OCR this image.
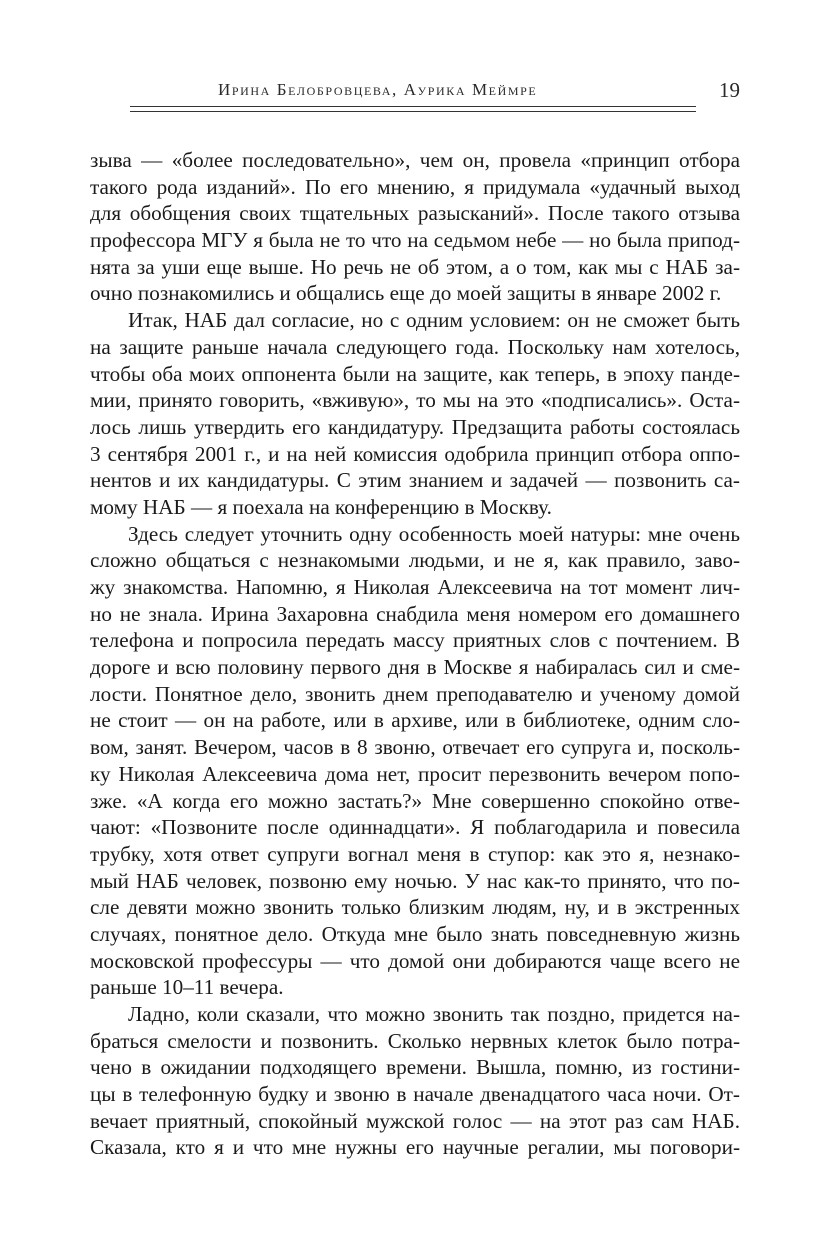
Ирина Белобровцева, Аурика Меймре	19
зыва — «более последовательно», чем он, провела «принцип отбора
такого рода изданий». По его мнению, я придумала «удачный выход
для обобщения своих тщательных разысканий». После такого отзыва
профессора МГУ я была не то что на седьмом небе — но была припод-
нята за уши еще выше. Но речь не об этом, а о том, как мы с НАБ за-
очно познакомились и общались еще до моей защиты в январе 2002 г.
Итак, НАБ дал согласие, но с одним условием: он не сможет быть
на защите раньше начала следующего года. Поскольку нам хотелось,
чтобы оба моих оппонента были на защите, как теперь, в эпоху панде-
мии, принято говорить, «вживую», то мы на это «подписались». Оста-
лось лишь утвердить его кандидатуру. Предзащита работы состоялась
3 сентября 2001 г., и на ней комиссия одобрила принцип отбора оппо-
нентов и их кандидатуры. С этим знанием и задачей — позвонить са-
мому НАБ — я поехала на конференцию в Москву.
Здесь следует уточнить одну особенность моей натуры: мне очень
сложно общаться с незнакомыми людьми, и не я, как правило, заво-
жу знакомства. Напомню, я Николая Алексеевича на тот момент лич-
но не знала. Ирина Захаровна снабдила меня номером его домашнего
телефона и попросила передать массу приятных слов с почтением. В
дороге и всю половину первого дня в Москве я набиралась сил и сме-
лости. Понятное дело, звонить днем преподавателю и ученому домой
не стоит — он на работе, или в архиве, или в библиотеке, одним сло-
вом, занят. Вечером, часов в 8 звоню, отвечает его супруга и, посколь-
ку Николая Алексеевича дома нет, просит перезвонить вечером попо-
зже. «А когда его можно застать?» Мне совершенно спокойно отве-
чают: «Позвоните после одиннадцати». Я поблагодарила и повесила
трубку, хотя ответ супруги вогнал меня в ступор: как это я, незнако-
мый НАБ человек, позвоню ему ночью. У нас как-то принято, что по-
сле девяти можно звонить только близким людям, ну, и в экстренных
случаях, понятное дело. Откуда мне было знать повседневную жизнь
московской профессуры — что домой они добираются чаще всего не
раньше 10–11 вечера.
Ладно, коли сказали, что можно звонить так поздно, придется на-
браться смелости и позвонить. Сколько нервных клеток было потра-
чено в ожидании подходящего времени. Вышла, помню, из гостини-
цы в телефонную будку и звоню в начале двенадцатого часа ночи. От-
вечает приятный, спокойный мужской голос — на этот раз сам НАБ.
Сказала, кто я и что мне нужны его научные регалии, мы поговори-
